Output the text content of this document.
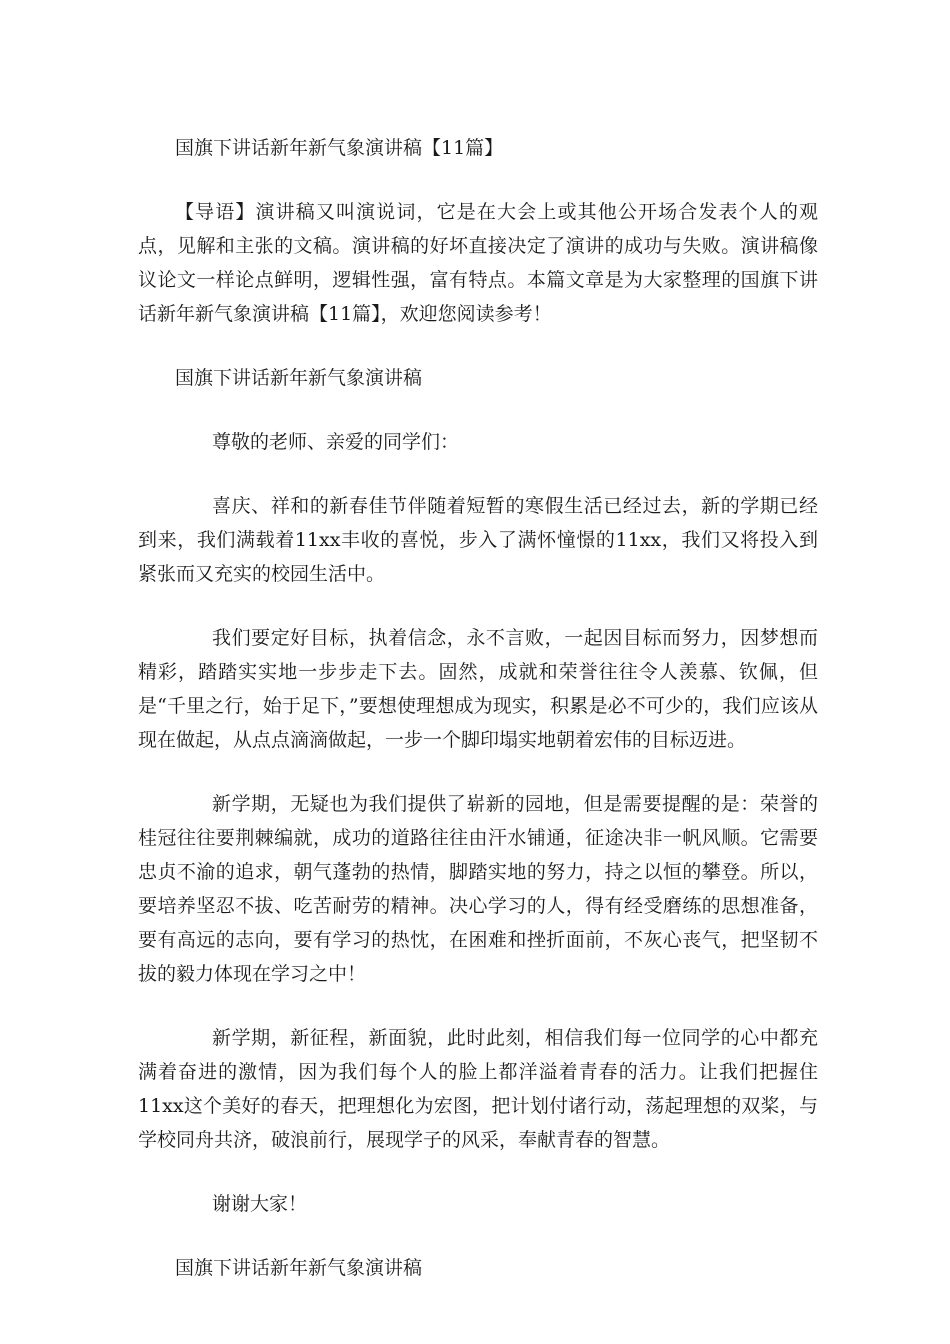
国旗下讲话新年新气象演讲稿【11篇】

【导语】演讲稿又叫演说词，它是在大会上或其他公开场合发表个人的观点，见解和主张的文稿。演讲稿的好坏直接决定了演讲的成功与失败。演讲稿像议论文一样论点鲜明，逻辑性强，富有特点。本篇文章是为大家整理的国旗下讲话新年新气象演讲稿【11篇】，欢迎您阅读参考！

国旗下讲话新年新气象演讲稿

尊敬的老师、亲爱的同学们：

喜庆、祥和的新春佳节伴随着短暂的寒假生活已经过去，新的学期已经到来，我们满载着11xx丰收的喜悦，步入了满怀憧憬的11xx，我们又将投入到紧张而又充实的校园生活中。

我们要定好目标，执着信念，永不言败，一起因目标而努力，因梦想而精彩，踏踏实实地一步步走下去。固然，成就和荣誉往往令人羡慕、钦佩，但是“千里之行，始于足下，”要想使理想成为现实，积累是必不可少的，我们应该从现在做起，从点点滴滴做起，一步一个脚印塌实地朝着宏伟的目标迈进。

新学期，无疑也为我们提供了崭新的园地，但是需要提醒的是：荣誉的桂冠往往要荆棘编就，成功的道路往往由汗水铺通，征途决非一帆风顺。它需要忠贞不渝的追求，朝气蓬勃的热情，脚踏实地的努力，持之以恒的攀登。所以，要培养坚忍不拔、吃苦耐劳的精神。决心学习的人，得有经受磨练的思想准备，要有高远的志向，要有学习的热忱，在困难和挫折面前，不灰心丧气，把坚韧不拔的毅力体现在学习之中！

新学期，新征程，新面貌，此时此刻，相信我们每一位同学的心中都充满着奋进的激情，因为我们每个人的脸上都洋溢着青春的活力。让我们把握住11xx这个美好的春天，把理想化为宏图，把计划付诸行动，荡起理想的双桨，与学校同舟共济，破浪前行，展现学子的风采，奉献青春的智慧。

谢谢大家！

国旗下讲话新年新气象演讲稿
